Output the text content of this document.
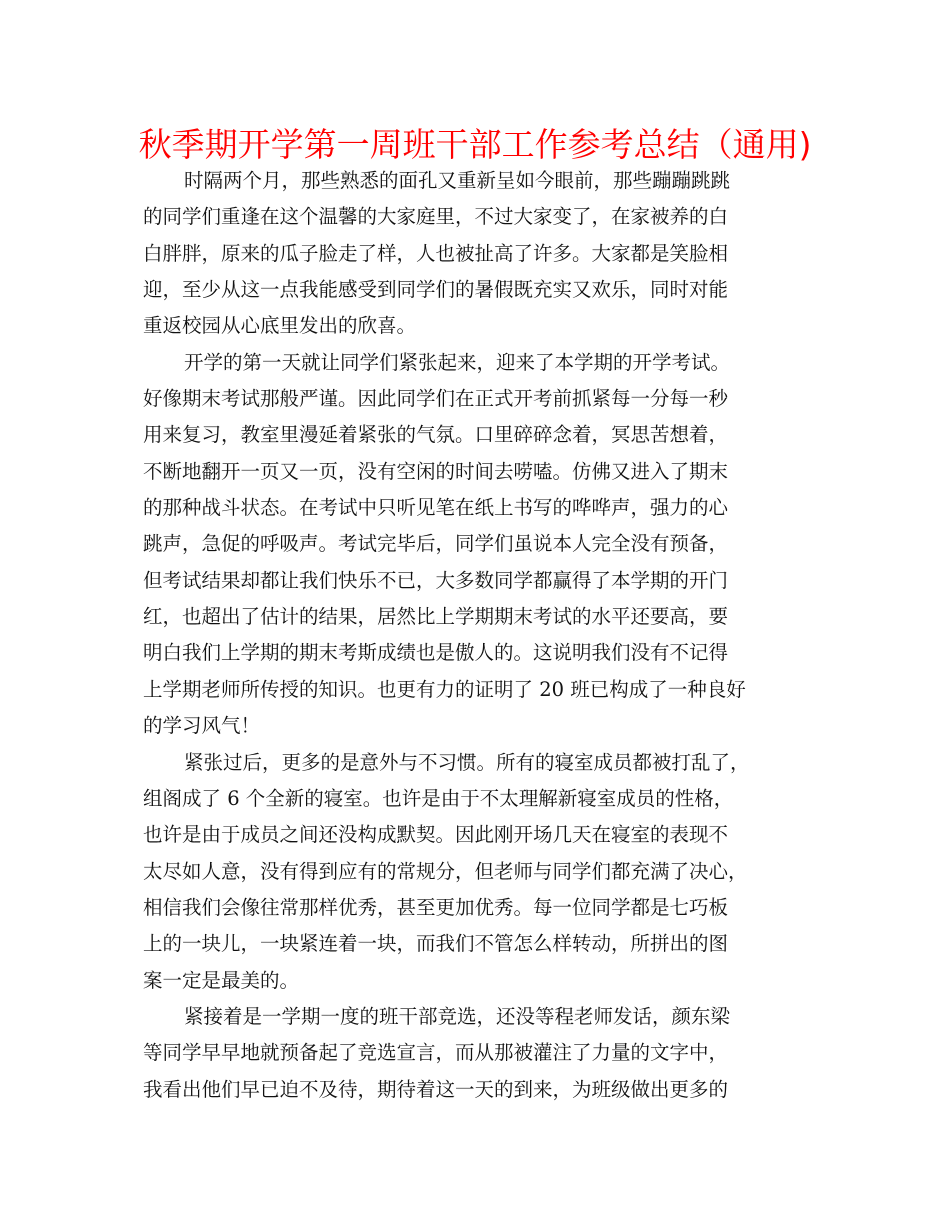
秋季期开学第一周班干部工作参考总结（通用)
时隔两个月，那些熟悉的面孔又重新呈如今眼前，那些蹦蹦跳跳
的同学们重逢在这个温馨的大家庭里，不过大家变了，在家被养的白
白胖胖，原来的瓜子脸走了样，人也被扯高了许多。大家都是笑脸相
迎，至少从这一点我能感受到同学们的暑假既充实又欢乐，同时对能
重返校园从心底里发出的欣喜。
开学的第一天就让同学们紧张起来，迎来了本学期的开学考试。
好像期末考试那般严谨。因此同学们在正式开考前抓紧每一分每一秒
用来复习，教室里漫延着紧张的气氛。口里碎碎念着，冥思苦想着，
不断地翻开一页又一页，没有空闲的时间去唠嗑。仿佛又进入了期末
的那种战斗状态。在考试中只听见笔在纸上书写的哗哗声，强力的心
跳声，急促的呼吸声。考试完毕后，同学们虽说本人完全没有预备，
但考试结果却都让我们快乐不已，大多数同学都赢得了本学期的开门
红，也超出了估计的结果，居然比上学期期末考试的水平还要高，要
明白我们上学期的期末考斯成绩也是傲人的。这说明我们没有不记得
上学期老师所传授的知识。也更有力的证明了 20 班已构成了一种良好
的学习风气！
紧张过后，更多的是意外与不习惯。所有的寝室成员都被打乱了，
组阁成了 6 个全新的寝室。也许是由于不太理解新寝室成员的性格，
也许是由于成员之间还没构成默契。因此刚开场几天在寝室的表现不
太尽如人意，没有得到应有的常规分，但老师与同学们都充满了决心，
相信我们会像往常那样优秀，甚至更加优秀。每一位同学都是七巧板
上的一块儿，一块紧连着一块，而我们不管怎么样转动，所拼出的图
案一定是最美的。
紧接着是一学期一度的班干部竞选，还没等程老师发话，颜东梁
等同学早早地就预备起了竞选宣言，而从那被灌注了力量的文字中，
我看出他们早已迫不及待，期待着这一天的到来，为班级做出更多的
